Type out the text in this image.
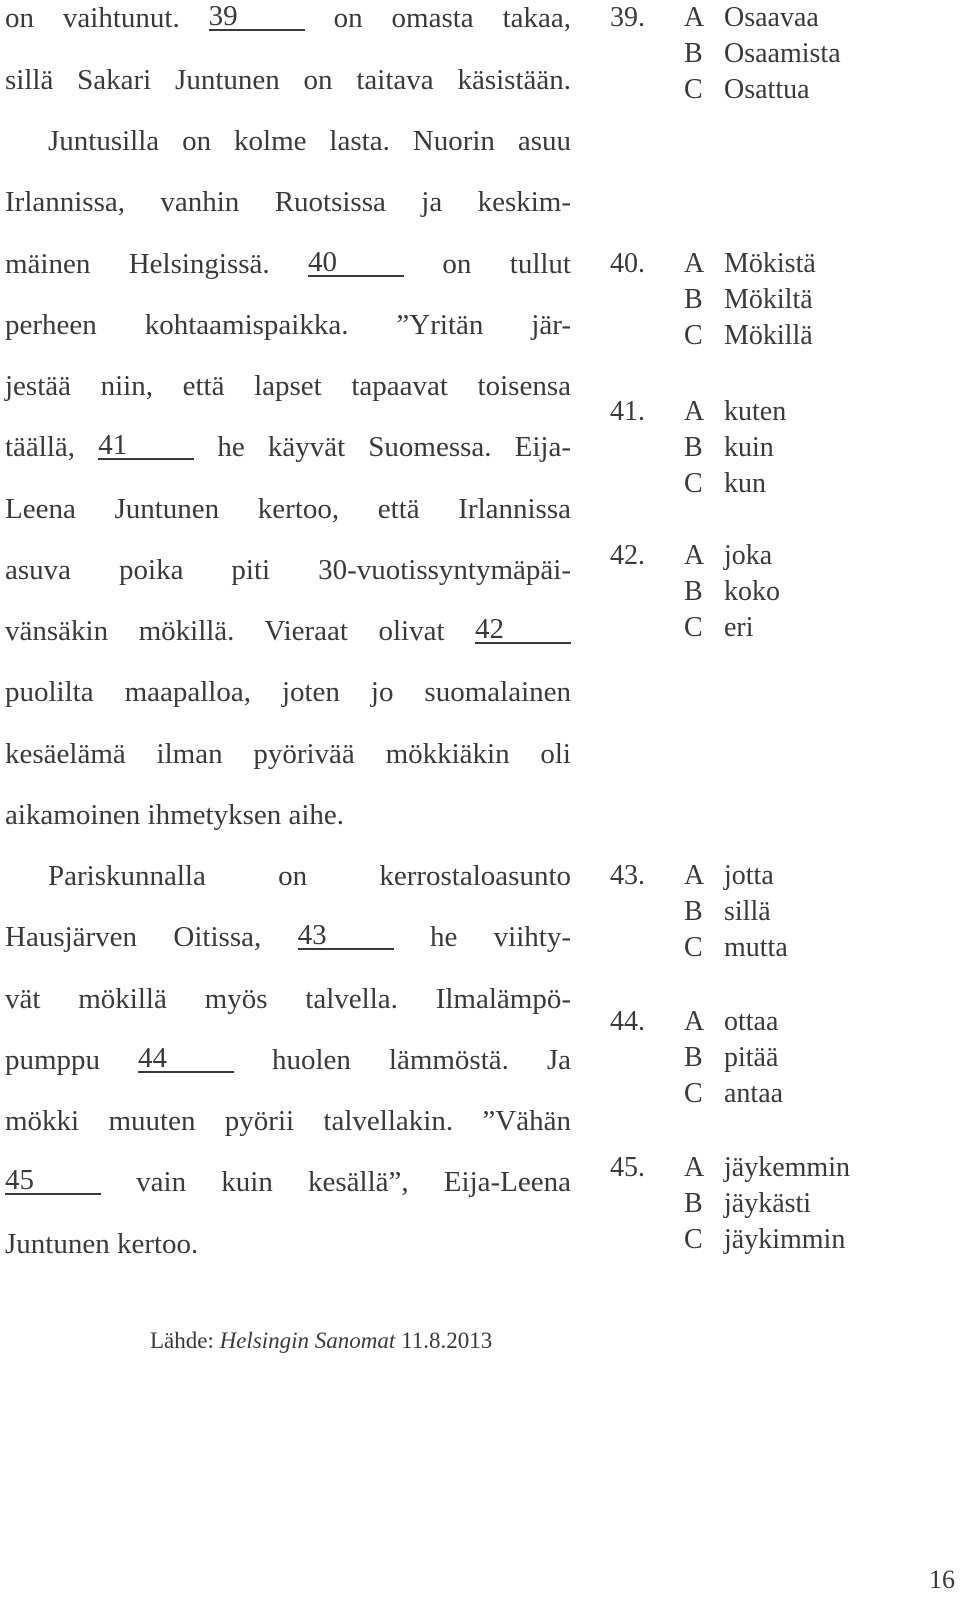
on vaihtunut. 39	on omasta takaa,
sillä Sakari Juntunen on taitava käsistään.
Juntusilla on kolme lasta. Nuorin asuu
Irlannissa, vanhin Ruotsissa ja keskim-
mäinen Helsingissä. 40	on tullut
perheen kohtaamispaikka. ”Yritän jär-
jestää niin, että lapset tapaavat toisensa
täällä, 41	he käyvät Suomessa. Eija-
Leena Juntunen kertoo, että Irlannissa
asuva poika piti 30-vuotissyntymäpäi-
vänsäkin mökillä. Vieraat olivat 42
puolilta maapalloa, joten jo suomalainen
kesäelämä ilman pyörivää mökkiäkin oli
aikamoinen ihmetyksen aihe.
Pariskunnalla on kerrostaloasunto
Hausjärven Oitissa, 43	he viihty-
vät mökillä myös talvella. Ilmalämpö-
pumppu 44	huolen lämmöstä. Ja
mökki muuten pyörii talvellakin. ”Vähän
45	vain kuin kesällä”, Eija-Leena
Juntunen kertoo.
39.	A Osaavaa
B Osaamista
C Osattua
40.	A Mökistä
B Mökiltä
C Mökillä
41.	A kuten
B kuin
C kun
42.	A joka
B koko
C eri
43.	A jotta
B sillä
C mutta
44.	A ottaa
B pitää
C antaa
45.	A jäykemmin
B jäykästi
C jäykimmin
Lähde: Helsingin Sanomat 11.8.2013
16
